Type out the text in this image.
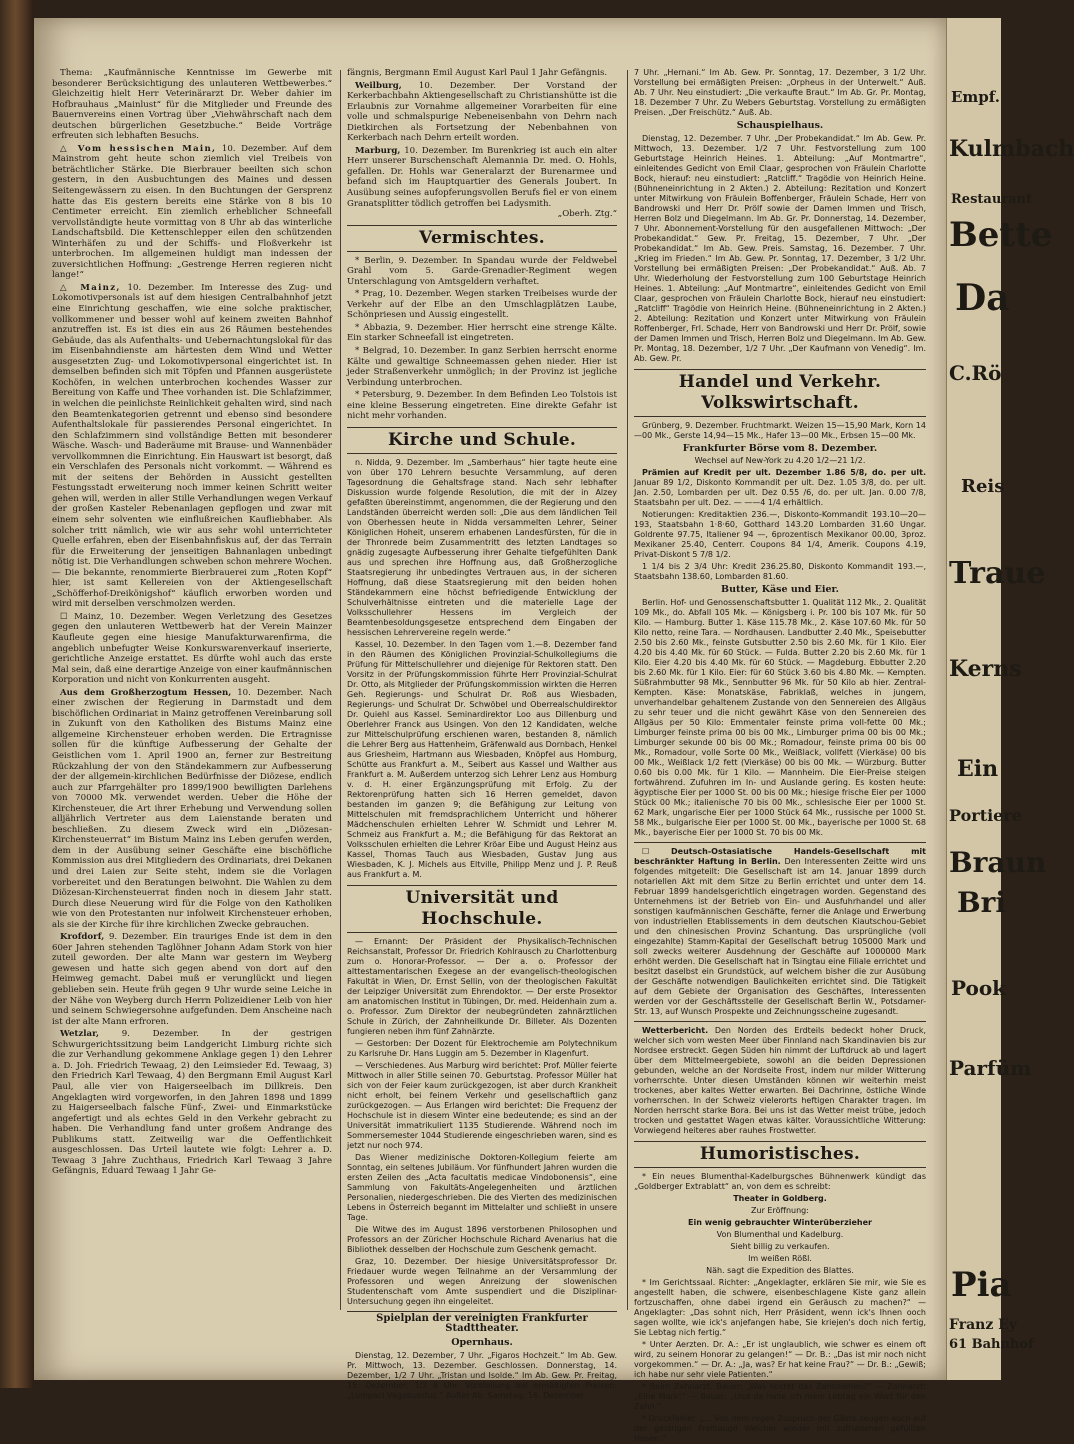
Thema: „Kaufmännische Kenntnisse im Gewerbe mit besonderer Berücksichtigung des unlauteren Wettbewerbes.“ Gleichzeitig hielt Herr Veterinärarzt Dr. Weber dahier im Hofbrauhaus „Mainlust“ für die Mitglieder und Freunde des Bauernvereins einen Vortrag über „Viehwährschaft nach dem deutschen bürgerlichen Gesetzbuche.“ Beide Vorträge erfreuten sich lebhaften Besuchs.

△ Vom hessischen Main, 10. Dezember. Auf dem Mainstrom geht heute schon ziemlich viel Treibeis von beträchtlicher Stärke. Die Bierbrauer beeilten sich schon gestern, in den Ausbuchtungen des Maines und dessen Seitengewässern zu eisen. In den Buchtungen der Gersprenz hatte das Eis gestern bereits eine Stärke von 8 bis 10 Centimeter erreicht. Ein ziemlich erheblicher Schneefall vervollständigte heute vormittag von 8 Uhr ab das winterliche Landschaftsbild. Die Kettenschlepper eilen den schützenden Winterhäfen zu und der Schiffs- und Floßverkehr ist unterbrochen. Im allgemeinen huldigt man indessen der zuversichtlichen Hoffnung: „Gestrenge Herren regieren nicht lange!“

△ Mainz, 10. Dezember. Im Interesse des Zug- und Lokomotivpersonals ist auf dem hiesigen Centralbahnhof jetzt eine Einrichtung geschaffen, wie eine solche praktischer, vollkommener und besser wohl auf keinem zweiten Bahnhof anzutreffen ist. Es ist dies ein aus 26 Räumen bestehendes Gebäude, das als Aufenthalts- und Uebernachtungslokal für das im Eisenbahndienste am härtesten dem Wind und Wetter ausgesetzten Zug- und Lokomotivpersonal eingerichtet ist. In demselben befinden sich mit Töpfen und Pfannen ausgerüstete Kochöfen, in welchen unterbrochen kochendes Wasser zur Bereitung von Kaffe und Thee vorhanden ist. Die Schlafzimmer, in welchen die peinlichste Reinlichkeit gehalten wird, sind nach den Beamtenkategorien getrennt und ebenso sind besondere Aufenthaltslokale für passierendes Personal eingerichtet. In den Schlafzimmern sind vollständige Betten mit besonderer Wäsche. Wasch- und Baderäume mit Brause- und Wannenbäder vervollkommnen die Einrichtung. Ein Hauswart ist besorgt, daß ein Verschlafen des Personals nicht vorkommt. — Während es mit der seitens der Behörden in Aussicht gestellten Festungsstadt erweiterung noch immer keinen Schritt weiter gehen will, werden in aller Stille Verhandlungen wegen Verkauf der großen Kasteler Rebenanlagen gepflogen und zwar mit einem sehr solventen wie einflußreichen Kaufliebhaber. Als solcher tritt nämlich, wie wir aus sehr wohl unterrichteter Quelle erfahren, eben der Eisenbahnfiskus auf, der das Terrain für die Erweiterung der jenseitigen Bahnanlagen unbedingt nötig ist. Die Verhandlungen schweben schon mehrere Wochen. — Die bekannte, renommierte Bierbrauerei zum „Roten Kopf“ hier, ist samt Kellereien von der Aktiengesellschaft „Schöfferhof-Dreikönigshof“ käuflich erworben worden und wird mit derselben verschmolzen werden.

☐ Mainz, 10. Dezember. Wegen Verletzung des Gesetzes gegen den unlauteren Wettbewerb hat der Verein Mainzer Kaufleute gegen eine hiesige Manufakturwarenfirma, die angeblich unbefugter Weise Konkurswarenverkauf inserierte, gerichtliche Anzeige erstattet. Es dürfte wohl auch das erste Mal sein, daß eine derartige Anzeige von einer kaufmännischen Korporation und nicht von Konkurrenten ausgeht.

Aus dem Großherzogtum Hessen, 10. Dezember. Nach einer zwischen der Regierung in Darmstadt und dem bischöflichen Ordinariat in Mainz getroffenen Vereinbarung soll in Zukunft von den Katholiken des Bistums Mainz eine allgemeine Kirchensteuer erhoben werden. Die Ertragnisse sollen für die künftige Aufbesserung der Gehalte der Geistlichen vom 1. April 1900 an, ferner zur Bestreitung Rückzahlung der von den Ständekammern zur Aufbesserung der der allgemein-kirchlichen Bedürfnisse der Diözese, endlich auch zur Pfarrgehälter pro 1899/1900 bewilligten Darlehens von 70000 Mk. verwendet werden. Ueber die Höhe der Kirchensteuer, die Art ihrer Erhebung und Verwendung sollen alljährlich Vertreter aus dem Laienstande beraten und beschließen. Zu diesem Zweck wird ein „Diözesan-Kirchensteuerrat“ im Bistum Mainz ins Leben gerufen werden, dem in der Ausübung seiner Geschäfte eine bischöfliche Kommission aus drei Mitgliedern des Ordinariats, drei Dekanen und drei Laien zur Seite steht, indem sie die Vorlagen vorbereitet und den Beratungen beiwohnt. Die Wahlen zu dem Diözesan-Kirchensteuerrat finden noch in diesem Jahr statt. Durch diese Neuerung wird für die Folge von den Katholiken wie von den Protestanten nur infolweit Kirchensteuer erhoben, als sie der Kirche für ihre kirchlichen Zwecke gebrauchen.

Krofdorf, 9. Dezember. Ein trauriges Ende ist dem in den 60er Jahren stehenden Taglöhner Johann Adam Stork von hier zuteil geworden. Der alte Mann war gestern im Weyberg gewesen und hatte sich gegen abend von dort auf den Heimweg gemacht. Dabei muß er verunglückt und liegen geblieben sein. Heute früh gegen 9 Uhr wurde seine Leiche in der Nähe von Weyberg durch Herrn Polizeidiener Leib von hier und seinem Schwiegersohne aufgefunden. Dem Anscheine nach ist der alte Mann erfroren.

Wetzlar,	9. Dezember. In der gestrigen Schwurgerichtssitzung beim Landgericht Limburg richte sich die zur Verhandlung gekommene Anklage gegen 1) den Lehrer a. D. Joh. Friedrich Tewaag, 2) den Leimsieder Ed. Tewaag, 3) den Friedrich Karl Tewaag, 4) den Bergmann Emil August Karl Paul, alle vier von Haigerseelbach im Dillkreis. Den Angeklagten wird vorgeworfen, in den Jahren 1898 und 1899 zu Haigerseelbach falsche Fünf-, Zwei- und Einmarkstücke angefertigt und als echtes Geld in den Verkehr gebracht zu haben. Die Verhandlung fand unter großem Andrange des Publikums statt. Zeitweilig war die Oeffentlichkeit ausgeschlossen. Das Urteil lautete wie folgt: Lehrer a. D. Tewaag 3 Jahre Zuchthaus, Friedrich Karl Tewaag 3 Jahre Gefängnis, Eduard Tewaag 1 Jahr Ge-

fängnis, Bergmann Emil August Karl Paul 1 Jahr Gefängnis.

Weilburg, 10. Dezember. Der Vorstand der Kerkerbachbahn Aktiengesellschaft zu Christianshütte ist die Erlaubnis zur Vornahme allgemeiner Vorarbeiten für eine volle und schmalspurige Nebeneisenbahn von Dehrn nach Dietkirchen als Fortsetzung der Nebenbahnen von Kerkerbach nach Dehrn erteilt worden.

Marburg, 10. Dezember. Im Burenkrieg ist auch ein alter Herr unserer Burschenschaft Alemannia Dr. med. O. Hohls, gefallen. Dr. Hohls war Generalarzt der Burenarmee und befand sich im Hauptquartier des Generals Joubert. In Ausübung seines aufopferungsvollen Berufs fiel er von einem Granatsplitter tödlich getroffen bei Ladysmith.
„Oberh. Ztg.“

Vermischtes.

* Berlin, 9. Dezember. In Spandau wurde der Feldwebel Grahl vom 5. Garde-Grenadier-Regiment wegen Unterschlagung von Amtsgeldern verhaftet.

* Prag, 10. Dezember. Wegen starken Treibeises wurde der Verkehr auf der Elbe an den Umschlagplätzen Laube, Schönpriesen und Aussig eingestellt.

* Abbazia, 9. Dezember. Hier herrscht eine strenge Kälte. Ein starker Schneefall ist eingetreten.

* Belgrad, 10. Dezember. In ganz Serbien herrscht enorme Kälte und gewaltige Schneemassen gehen nieder. Hier ist jeder Straßenverkehr unmöglich; in der Provinz ist jegliche Verbindung unterbrochen.

* Petersburg, 9. Dezember. In dem Befinden Leo Tolstois ist eine kleine Besserung eingetreten. Eine direkte Gefahr ist nicht mehr vorhanden.

Kirche und Schule.

n. Nidda, 9. Dezember. Im „Samberhaus“ hier tagte heute eine von über 170 Lehrern besuchte Versammlung, auf deren Tagesordnung die Gehaltsfrage stand. Nach sehr lebhafter Diskussion wurde folgende Resolution, die mit der in Alzey gefaßten übereinstimmt, angenommen, die der Regierung und den Landständen überreicht werden soll: „Die aus dem ländlichen Teil von Oberhessen heute in Nidda versammelten Lehrer, Seiner Königlichen Hoheit, unserem erhabenen Landesfürsten, für die in der Thronrede beim Zusammentritt des letzten Landtages so gnädig zugesagte Aufbesserung ihrer Gehalte tiefgefühlten Dank aus und sprechen ihre Hoffnung aus, daß Großherzogliche Staatsregierung ihr unbedingtes Vertrauen aus, in der sicheren Hoffnung, daß diese Staatsregierung mit den beiden hohen Ständekammern eine höchst befriedigende Entwicklung der Schulverhältnisse eintreten und die materielle Lage der Volksschullehrer Hessens im Vergleich der Beamtenbesoldungsgesetze entsprechend dem Eingaben der hessischen Lehrervereine regeln werde.“

Kassel, 10. Dezember. In den Tagen vom 1.—8. Dezember fand in den Räumen des Königlichen Provinzial-Schulkollegiums die Prüfung für Mittelschullehrer und diejenige für Rektoren statt. Den Vorsitz in der Prüfungskommission führte Herr Provinzial-Schulrat Dr. Otto, als Mitglieder der Prüfungskommission wirkten die Herren Geh. Regierungs- und Schulrat Dr. Roß aus Wiesbaden, Regierungs- und Schulrat Dr. Schwöbel und Oberrealschuldirektor Dr. Quiehl aus Kassel. Seminardirektor Loo aus Dillenburg und Oberlehrer Franck aus Usingen. Von den 12 Kandidaten, welche zur Mittelschulprüfung erschienen waren, bestanden 8, nämlich die Lehrer Berg aus Hattenheim, Gräfenwald aus Dornbach, Henkel aus Griesheim, Hartmann aus Wiesbaden, Knöpfel aus Homburg, Schütte aus Frankfurt a. M., Seibert aus Kassel und Walther aus Frankfurt a. M. Außerdem unterzog sich Lehrer Lenz aus Homburg v. d. H. einer Ergänzungsprüfung mit Erfolg. Zu der Rektorenprüfung hatten sich 16 Herren gemeldet, davon bestanden im ganzen 9; die Befähigung zur Leitung von Mittelschulen mit fremdsprachlichem Unterricht und höherer Mädchenschulen erhielten Lehrer W. Schmidt und Lehrer M. Schmeiz aus Frankfurt a. M.; die Befähigung für das Rektorat an Volksschulen erhielten die Lehrer Kröar Eibe und August Heinz aus Kassel, Thomas Tauch aus Wiesbaden, Gustav Jung aus Wiesbaden, K. J. Michels aus Eltville, Philipp Menz und J. P. Reuß aus Frankfurt a. M.

Universität und Hochschule.

— Ernannt: Der Präsident der Physikalisch-Technischen Reichsanstalt, Professor Dr. Friedrich Kohlrausch zu Charlottenburg zum o. Honorar-Professor. — Der a. o. Professor der alttestamentarischen Exegese an der evangelisch-theologischen Fakultät in Wien, Dr. Ernst Sellin, von der theologischen Fakultät der Leipziger Universität zum Ehrendoktor. — Der erste Prosektor am anatomischen Institut in Tübingen, Dr. med. Heidenhain zum a. o. Professor. Zum Direktor der neubegründeten zahnärztlichen Schule in Zürich, der Zahnheilkunde Dr. Billeter. Als Dozenten fungieren neben ihm fünf Zahnärzte.

— Gestorben: Der Dozent für Elektrochemie am Polytechnikum zu Karlsruhe Dr. Hans Luggin am 5. Dezember in Klagenfurt.

— Verschiedenes. Aus Marburg wird berichtet: Prof. Müller feierte Mittwoch in aller Stille seinen 70. Geburtstag. Professor Müller hat sich von der Feier kaum zurückgezogen, ist aber durch Krankheit nicht erholt, bei feinem Verkehr und gesellschaftlich ganz zurückgezogen. — Aus Erlangen wird berichtet: Die Frequenz der Hochschule ist in diesem Winter eine bedeutende; es sind an der Universität immatrikuliert 1135 Studierende. Während noch im Sommersemester 1044 Studierende eingeschrieben waren, sind es jetzt nur noch 974.

Das Wiener medizinische Doktoren-Kollegium feierte am Sonntag, ein seltenes Jubiläum. Vor fünfhundert Jahren wurden die ersten Zeilen des „Acta facultatis medicae Vindobonensis“, eine Sammlung von Fakultäts-Angelegenheiten und ärztlichen Personalien, niedergeschrieben. Die des Vierten des medizinischen Lebens in Österreich begannt im Mittelalter und schließt in unsere Tage.

Die Witwe des im August 1896 verstorbenen Philosophen und Professors an der Züricher Hochschule Richard Avenarius hat die Bibliothek desselben der Hochschule zum Geschenk gemacht.

Graz, 10. Dezember. Der hiesige Universitätsprofessor Dr. Friedauer wurde wegen Teilnahme an der Versammlung der Professoren und wegen Anreizung der slowenischen Studentenschaft vom Amte suspendiert und die Disziplinar-Untersuchung gegen ihn eingeleitet.

Spielplan der vereinigten Frankfurter Stadttheater.
Opernhaus.

Dienstag, 12. Dezember, 7 Uhr. „Figaros Hochzeit.“ Im Ab. Gew. Pr. Mittwoch, 13. Dezember. Geschlossen. Donnerstag, 14. Dezember, 1/2 7 Uhr. „Tristan und Isolde.“ Im Ab. Gew. Pr. Freitag, 15. Dezember, 1/2 8 Uhr. Vorstellung bei ermäßigten Preisen: „Lumpaci Vagabundus.“ Außer Ab. Samstag, 16. Dezember

7 Uhr. „Hernani.“ Im Ab. Gew. Pr. Sonntag, 17. Dezember, 3 1/2 Uhr. Vorstellung bei ermäßigten Preisen: „Orpheus in der Unterwelt.“ Auß. Ab. 7 Uhr. Neu einstudiert: „Die verkaufte Braut.“ Im Ab. Gr. Pr. Montag, 18. Dezember 7 Uhr. Zu Webers Geburtstag. Vorstellung zu ermäßigten Preisen. „Der Freischütz.“ Auß. Ab.

Schauspielhaus.

Dienstag, 12. Dezember. 7 Uhr. „Der Probekandidat.“ Im Ab. Gew. Pr. Mittwoch, 13. Dezember. 1/2 7 Uhr. Festvorstellung zum 100 Geburtstage Heinrich Heines. 1. Abteilung: „Auf Montmartre“, einleitendes Gedicht von Emil Claar, gesprochen von Fräulein Charlotte Bock, hierauf: neu einstudiert: „Ratcliff.“ Tragödie von Heinrich Heine. (Bühneneinrichtung in 2 Akten.) 2. Abteilung: Rezitation und Konzert unter Mitwirkung von Fräulein Boffenberger, Fräulein Schade, Herr von Bandrowski und Herr Dr. Prölf sowie der Damen Immen und Trisch, Herren Bolz und Diegelmann. Im Ab. Gr. Pr. Donnerstag, 14. Dezember, 7 Uhr. Abonnement-Vorstellung für den ausgefallenen Mittwoch: „Der Probekandidat.“ Gew. Pr. Freitag, 15. Dezember, 7 Uhr. „Der Probekandidat.“ Im Ab. Gew. Preis. Samstag, 16. Dezember. 7 Uhr. „Krieg im Frieden.“ Im Ab. Gew. Pr. Sonntag, 17. Dezember, 3 1/2 Uhr. Vorstellung bei ermäßigten Preisen: „Der Probekandidat.“ Auß. Ab. 7 Uhr. Wiederholung der Festvorstellung zum 100 Geburtstage Heinrich Heines. 1. Abteilung: „Auf Montmartre“, einleitendes Gedicht von Emil Claar, gesprochen von Fräulein Charlotte Bock, hierauf neu einstudiert: „Ratcliff“ Tragödie von Heinrich Heine. (Bühneneinrichtung in 2 Akten.) 2. Abteilung: Rezitation und Konzert unter Mitwirkung von Fräulein Roffenberger, Frl. Schade, Herr von Bandrowski und Herr Dr. Prölf, sowie der Damen Immen und Trisch, Herren Bolz und Diegelmann. Im Ab. Gew. Pr. Montag, 18. Dezember, 1/2 7 Uhr. „Der Kaufmann von Venedig“. Im. Ab. Gew. Pr.

Handel und Verkehr. Volkswirtschaft.

Grünberg, 9. Dezember. Fruchtmarkt. Weizen 15—15,90 Mark, Korn 14—00 Mk., Gerste 14,94—15 Mk., Hafer 13—00 Mk., Erbsen 15—00 Mk.

Frankfurter Börse vom 8. Dezember.

Wechsel auf New-York zu 4.20 1/2—21 1/2.

Prämien auf Kredit per ult. Dezember 1.86 5/8, do. per ult. Januar 89 1/2, Diskonto Kommandit per ult. Dez. 1.05 3/8, do. per ult. Jan. 2.50, Lombarden per ult. Dez 0.55 /6, do. per ult. Jan. 0.00 7/8, Staatsbahn per ult. Dez. — ——4 1/4 erhältlich.

Notierungen: Kreditaktien 236.—, Diskonto-Kommandit 193.10—20—193, Staatsbahn 1·8·60, Gotthard 143.20 Lombarden 31.60 Ungar. Goldrente 97.75, Italiener 94 —, 6prozentisch Mexikanor 00.00, 3proz. Mexikaner 25.40, Centerr. Coupons 84 1/4, Amerik. Coupons 4.19, Privat-Diskont 5 7/8 1/2.

1 1/4 bis 2 3/4 Uhr: Kredit 236.25.80, Diskonto Kommandit 193.—, Staatsbahn 138.60, Lombarden 81.60.

Butter, Käse und Eier.

Berlin. Hof- und Genossenschaftsbutter 1. Qualität 112 Mk., 2. Qualität 109 Mk., do. Abfall 105 Mk. — Königsberg i. Pr. 100 bis 107 Mk. für 50 Kilo. — Hamburg. Butter 1. Käse 115.78 Mk., 2. Käse 107.60 Mk. für 50 Kilo netto, reine Tara. — Nordhausen. Landbutter 2.40 Mk., Speisebutter 2.50 bis 2.60 Mk., feinste Gutsbutter 2.50 bis 2.60 Mk. für 1 Kilo. Eier 4.20 bis 4.40 Mk. für 60 Stück. — Fulda. Butter 2.20 bis 2.60 Mk. für 1 Kilo. Eier 4.20 bis 4.40 Mk. für 60 Stück. — Magdeburg. Ebbutter 2.20 bis 2.60 Mk. für 1 Kilo. Eier: für 60 Stück 3.60 bis 4.80 Mk. — Kempten. Süßrahmbutter 98 Mk., Sennbutter 96 Mk. für 50 Kilo ab hier. Zentral-Kempten. Käse: Monatskäse, Fabriklaß, welches in jungem, unverhandelbar gehaltenem Zustande von den Sennereien des Allgäus zu sehr teuer und die nicht gewährt Käse von den Sennereien des Allgäus per 50 Kilo: Emmentaler feinste prima voll-fette 00 Mk.; Limburger feinste prima 00 bis 00 Mk., Limburger prima 00 bis 00 Mk.; Limburger sekunde 00 bis 00 Mk.; Romadour, feinste prima 00 bis 00 Mk., Romadour, volle Sorte 00 Mk., Weißlack, vollfett (Vierkäse) 00 bis 00 Mk., Weißlack 1/2 fett (Vierkäse) 00 bis 00 Mk. — Würzburg. Butter 0.60 bis 0.00 Mk. für 1 Kilo. — Mannheim. Die Eier-Preise steigen fortwährend. Zufuhren im In- und Auslande gering. Es kosten heute: ägyptische Eier per 1000 St. 00 bis 00 Mk.; hiesige frische Eier per 1000 Stück 00 Mk.; italienische 70 bis 00 Mk., schlesische Eier per 1000 St. 62 Mark, ungarische Eier per 1000 Stück 64 Mk., russische per 1000 St. 58 Mk., bulgarische Eier per 1000 St. 00 Mk., bayerische per 1000 St. 68 Mk., bayerische Eier per 1000 St. 70 bis 00 Mk.

☐ Deutsch-Ostasiatische Handels-Gesellschaft mit beschränkter Haftung in Berlin. Den Interessenten Zeitte wird uns folgendes mitgeteilt: Die Gesellschaft ist am 14. Januar 1899 durch notariellen Akt mit dem Sitze zu Berlin errichtet und unter dem 14. Februar 1899 handelsgerichtlich eingetragen worden. Gegenstand des Unternehmens ist der Betrieb von Ein- und Ausfuhrhandel und aller sonstigen kaufmännischen Geschäfte, ferner die Anlage und Erwerbung von industriellen Etablissements in dem deutschen Kiautschou-Gebiet und den chinesischen Provinz Schantung. Das ursprüngliche (voll eingezahlte) Stamm-Kapital der Gesellschaft betrug 105000 Mark und soll zwecks weiterer Ausdehnung der Geschäfte auf 1000000 Mark erhöht werden. Die Gesellschaft hat in Tsingtau eine Filiale errichtet und besitzt daselbst ein Grundstück, auf welchem bisher die zur Ausübung der Geschäfte notwendigen Baulichkeiten errichtet sind. Die Tätigkeit auf dem Gebiete der Organisation des Geschäftes, Interessenten werden vor der Geschäftsstelle der Gesellschaft Berlin W., Potsdamer-Str. 13, auf Wunsch Prospekte und Zeichnungsscheine zugesandt.

Wetterbericht. Den Norden des Erdteils bedeckt hoher Druck, welcher sich vom westen Meer über Finnland nach Skandinavien bis zur Nordsee erstreckt. Gegen Süden hin nimmt der Luftdruck ab und lagert über dem Mittelmeergebiete, sowohl an die beiden Depressionen gebunden, welche an der Nordseite Frost, indem nur milder Witterung vorherrschte. Unter diesen Umständen können wir weiterhin meist trockenes, aber kaltes Wetter erwarten. Bei Dachrinne, östliche Winde vorherrschen. In der Schweiz vielerorts heftigen Charakter tragen. Im Norden herrscht starke Bora. Bei uns ist das Wetter meist trübe, jedoch trocken und gestattet Wagen etwas kälter. Voraussichtliche Witterung: Vorwiegend heiteres aber rauhes Frostwetter.

Humoristisches.

* Ein neues Blumenthal-Kadelburgsches Bühnenwerk kündigt das „Goldberger Extrablatt“ an, von dem es schreibt:

Theater in Goldberg.

Zur Eröffnung:

Ein wenig gebrauchter Winterüberzieher

Von Blumenthal und Kadelburg.

Sieht billig zu verkaufen.

Im weißen Rößl.

Näh. sagt die Expedition des Blattes.

* Im Gerichtssaal. Richter: „Angeklagter, erklären Sie mir, wie Sie es angestellt haben, die schwere, eisenbeschlagene Kiste ganz allein fortzuschaffen, ohne dabei irgend ein Geräusch zu machen?“ — Angeklagter: „Das sohnt nich, Herr Präsident, wenn ick's Ihnen ooch sagen wollte, wie ick's anjefangen habe, Sie kriejen's doch nich fertig, Sie Lebtag nich fertig.“

* Unter Aerzten. Dr. A.: „Er ist unglaublich, wie schwer es einem oft wird, zu seinem Honorar zu gelangen!“ — Dr. B.: „Das ist mir noch nicht vorgekommen.“ — Dr. A.: „Ja, was? Er hat keine Frau?“ — Dr. B.: „Gewiß; ich habe nur sehr viele Patienten.“

* Beim Zahnarzt. Bauer: „Was kostet das Zahnziehen?“ — Zahnarzt: „Eine Mark!“ — Bauer: „Und da habe ich mein Lebtag ein Wort für den Zahn.“

* Druckfehler. „... Von dem regen Zuspruch der Gäste zeugen auch auf der gestrigen Freibaugd Welcher wieder mit zufriedenen gefüllten Hosen.“

Empf.
Kulmbach
Restaurant
Bette
Da
C.Rö
Reis
Traue
Kerns
Ein
Portiere
Braun
Bri
Pook
Parfüm
Pia
Franz Ey
61 Bahnhof
